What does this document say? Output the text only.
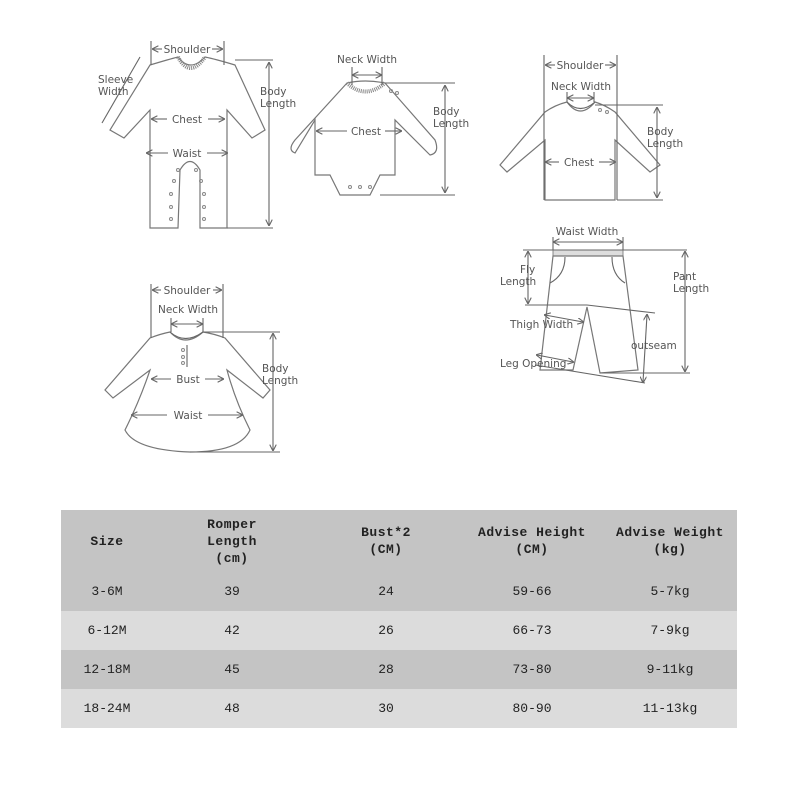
Shoulder
Sleeve
Width	Body
Length
Chest
Waist
Neck Width
Body
Length
Chest
Shoulder
Neck Width
Body
Length
Chest
Waist Width
Fly
Length	Pant
Length
Thigh Width
outseam
Leg Opening
Shoulder
Neck Width
Body
Length
Bust
Waist
Size

Romper
Length
(cm)

Bust*2
(CM)

Advise Height
(CM)

Advise Weight
(kg)

3-6M	39	24	59-66	5-7kg
6-12M	42	26	66-73	7-9kg
12-18M	45	28	73-80	9-11kg
18-24M	48	30	80-90	11-13kg
